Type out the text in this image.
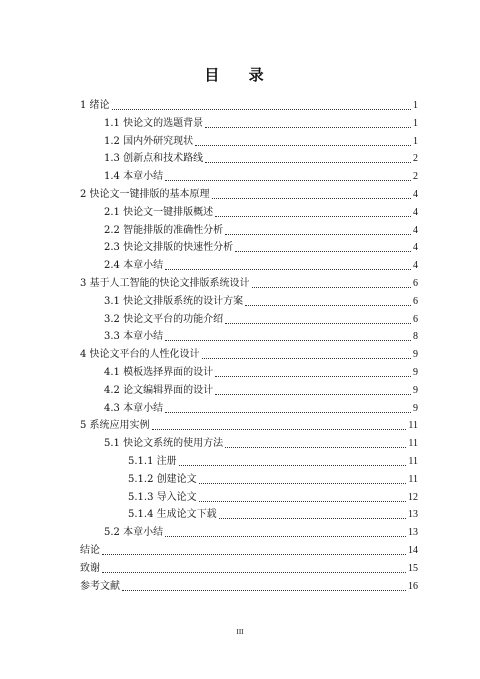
目 录
1 绪论	1
1.1 快论文的选题背景	1
1.2 国内外研究现状	1
1.3 创新点和技术路线	2
1.4 本章小结	2
2 快论文一键排版的基本原理	4
2.1 快论文一键排版概述	4
2.2 智能排版的准确性分析	4
2.3 快论文排版的快速性分析	4
2.4 本章小结	4
3 基于人工智能的快论文排版系统设计	6
3.1 快论文排版系统的设计方案	6
3.2 快论文平台的功能介绍	6
3.3 本章小结	8
4 快论文平台的人性化设计	9
4.1 模板选择界面的设计	9
4.2 论文编辑界面的设计	9
4.3 本章小结	9
5 系统应用实例	11
5.1 快论文系统的使用方法	11
5.1.1 注册	11
5.1.2 创建论文	11
5.1.3 导入论文	12
5.1.4 生成论文下载	13
5.2 本章小结	13
结论	14
致谢	15
参考文献	16
III
